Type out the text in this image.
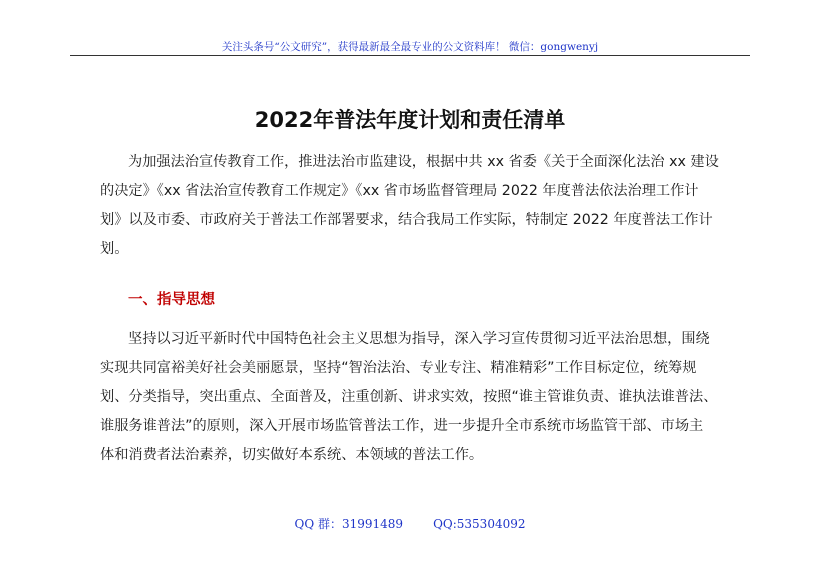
关注头条号“公文研究”，获得最新最全最专业的公文资料库！ 微信：gongwenyj
2022年普法年度计划和责任清单
为加强法治宣传教育工作，推进法治市监建设，根据中共 xx 省委《关于全面深化法治 xx 建设
的决定》《xx 省法治宣传教育工作规定》《xx 省市场监督管理局 2022 年度普法依法治理工作计
划》以及市委、市政府关于普法工作部署要求，结合我局工作实际，特制定 2022 年度普法工作计
划。
一、指导思想
坚持以习近平新时代中国特色社会主义思想为指导，深入学习宣传贯彻习近平法治思想，围绕
实现共同富裕美好社会美丽愿景，坚持“智治法治、专业专注、精准精彩”工作目标定位，统筹规
划、分类指导，突出重点、全面普及，注重创新、讲求实效，按照“谁主管谁负责、谁执法谁普法、
谁服务谁普法”的原则，深入开展市场监管普法工作，进一步提升全市系统市场监管干部、市场主
体和消费者法治素养，切实做好本系统、本领域的普法工作。
QQ 群：31991489	QQ:535304092
